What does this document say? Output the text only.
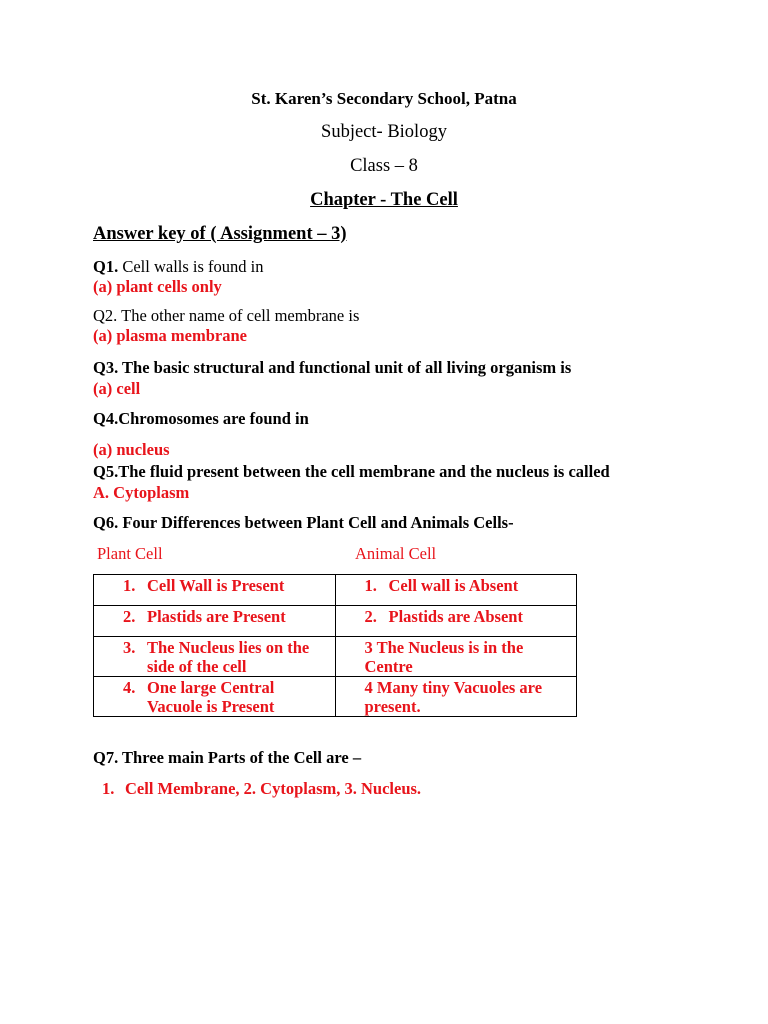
St. Karen’s Secondary School, Patna
Subject- Biology
Class – 8
Chapter - The Cell
Answer key of ( Assignment – 3)
Q1. Cell walls is found in
(a) plant cells only
Q2. The other name of cell membrane is
(a) plasma membrane
Q3. The basic structural and functional unit of all living organism is
(a) cell
Q4.Chromosomes are found in
(a) nucleus
Q5.The fluid present between the cell membrane and the nucleus is called
A. Cytoplasm
Q6. Four Differences between Plant Cell and Animals Cells-
Plant Cell	Animal Cell
1. Cell Wall is Present	1. Cell wall is Absent

2. Plastids are Present	2. Plastids are Absent

3. The Nucleus lies on the side of the cell	3 The Nucleus is in the Centre

4. One large Central Vacuole is Present	4 Many tiny Vacuoles are present.
Q7. Three main Parts of the Cell are –
1. Cell Membrane, 2. Cytoplasm, 3. Nucleus.
